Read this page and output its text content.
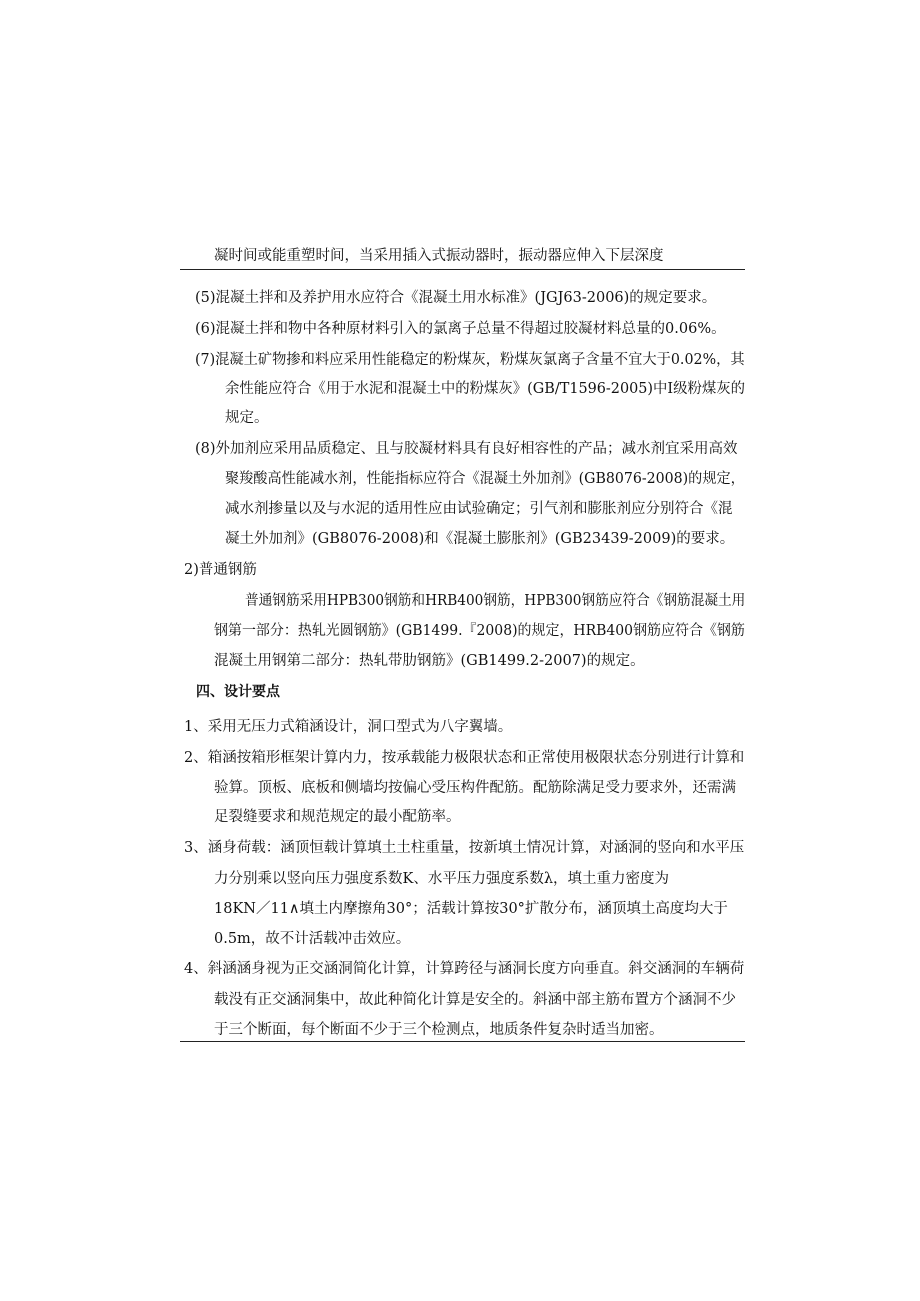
凝时间或能重塑时间，当采用插入式振动器时，振动器应伸入下层深度
(5)混凝土拌和及养护用水应符合《混凝土用水标准》(JGJ63-2006)的规定要求。
(6)混凝土拌和物中各种原材料引入的氯离子总量不得超过胶凝材料总量的0.06%。
(7)混凝土矿物掺和料应采用性能稳定的粉煤灰，粉煤灰氯离子含量不宜大于0.02%，其
余性能应符合《用于水泥和混凝土中的粉煤灰》(GB/T1596-2005)中Ⅰ级粉煤灰的
规定。
(8)外加剂应采用品质稳定、且与胶凝材料具有良好相容性的产品；减水剂宜采用高效
聚羧酸高性能减水剂，性能指标应符合《混凝土外加剂》(GB8076-2008)的规定，
减水剂掺量以及与水泥的适用性应由试验确定；引气剂和膨胀剂应分别符合《混
凝土外加剂》(GB8076-2008)和《混凝土膨胀剂》(GB23439-2009)的要求。
2)普通钢筋
普通钢筋采用HPB300钢筋和HRB400钢筋，HPB300钢筋应符合《钢筋混凝土用
钢第一部分：热轧光圆钢筋》(GB1499.『2008)的规定，HRB400钢筋应符合《钢筋
混凝土用钢第二部分：热轧带肋钢筋》(GB1499.2-2007)的规定。
四、设计要点
1、采用无压力式箱涵设计，洞口型式为八字翼墙。
2、箱涵按箱形框架计算内力，按承载能力极限状态和正常使用极限状态分别进行计算和
验算。顶板、底板和侧墙均按偏心受压构件配筋。配筋除满足受力要求外，还需满
足裂缝要求和规范规定的最小配筋率。
3、涵身荷载：涵顶恒载计算填土土柱重量，按新填土情况计算，对涵洞的竖向和水平压
力分别乘以竖向压力强度系数K、水平压力强度系数λ，填土重力密度为
18KN／11∧填土内摩擦角30°；活载计算按30°扩散分布，涵顶填土高度均大于
0.5m，故不计活载冲击效应。
4、斜涵涵身视为正交涵洞简化计算，计算跨径与涵洞长度方向垂直。斜交涵洞的车辆荷
载没有正交涵洞集中，故此种简化计算是安全的。斜涵中部主筋布置方个涵洞不少
于三个断面，每个断面不少于三个检测点，地质条件复杂时适当加密。
